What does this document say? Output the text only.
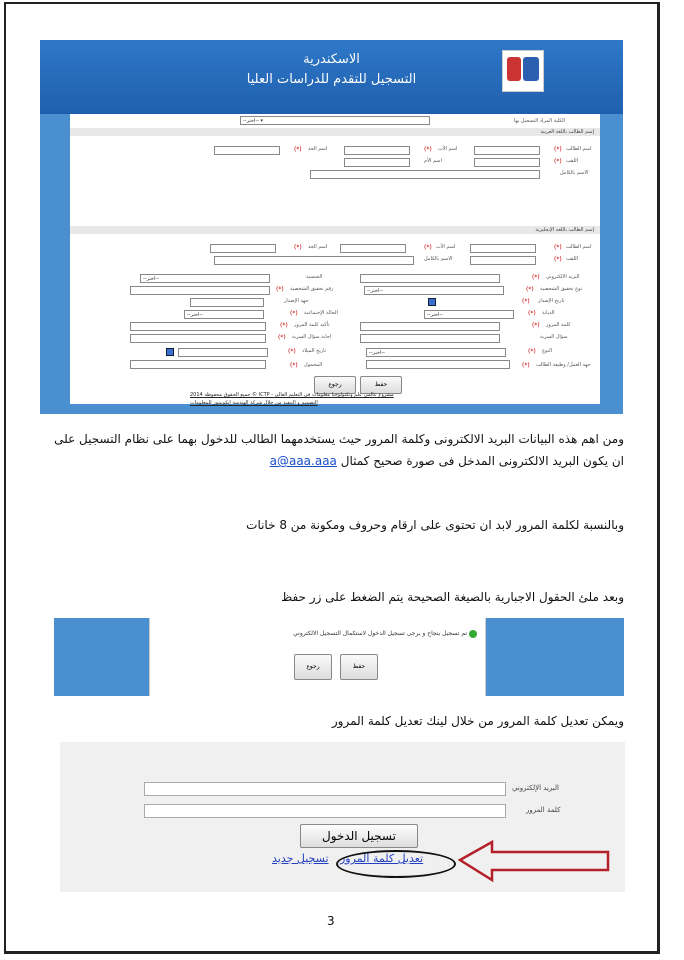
الاسكندرية
التسجيل للتقدم للدراسات العليا
--اختر-- ▾	الكلية المراد التسجيل بها
إسم الطالب باللغة العربية
(*) اسم الطالب
(*) اسم الأب
(*) اسم الجد
(*) اللقب
اسم الأم
الاسم بالكامل
إسم الطالب باللغة الإنجليزية
(*) اسم الطالب
(*) اسم الأب
(*) اسم الجد
(*) اللقب
الاسم بالكامل
(*) البريد الالكتروني
--اختر--	الجنسية
--اختر--	(*) نوع تحقيق الشخصية
(*) رقم تحقيق الشخصية
(*) تاريخ الإصدار
جهة الإصدار
--اختر--	(*) الديانة
--اختر--	(*) الحالة الإجتماعية
(*) كلمة المرور
(*) تأكيد كلمة المرور
سؤال السرية
(*) اجابة سؤال السرية
--اختر--	(*) النوع
(*) تاريخ الميلاد
(*) جهة العمل/ وظيفة الطالب
(*) المحمول
حفظ
رجوع
جميع الحقوق محفوظة 2014 © ICTP - مشروع عالمي علم وتكنولوجيا معلومات في التعليم العالي
التصميم و التنفيذ من خلال شركة الهندسة إنكوبيتور للمعلومات
ومن اهم هذه البيانات البريد الالكترونى وكلمة المرور حيث يستخدمهما الطالب للدخول بهما على نظام التسجيل على
ان يكون البريد الالكترونى المدخل فى صورة صحيح كمثال a@aaa.aaa
وبالنسبة لكلمة المرور لابد ان تحتوى على ارقام وحروف ومكونة من 8 خانات
وبعد ملئ الحقول الاجبارية بالصيغة الصحيحة يتم الضغط على زر حفظ
تم تسجيل بنجاح و يرجى تسجيل الدخول لاستكمال التسجيل الالكتروني
حفظ
رجوع
ويمكن تعديل كلمة المرور من خلال لينك تعديل كلمة المرور
البريد الإلكتروني
كلمة المرور
تسجيل الدخول
تعديل كلمة المرور
تسجيل جديد
3
